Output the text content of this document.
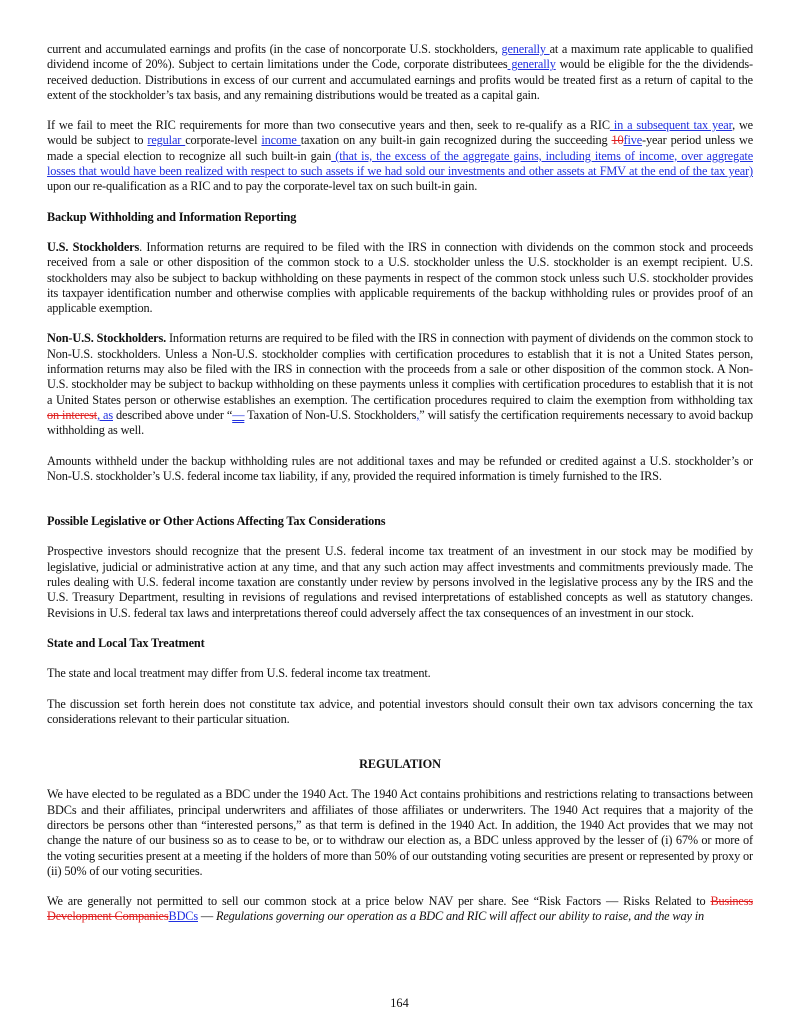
current and accumulated earnings and profits (in the case of noncorporate U.S. stockholders, generally at a maximum rate applicable to qualified dividend income of 20%). Subject to certain limitations under the Code, corporate distributees generally would be eligible for the the dividends-received deduction. Distributions in excess of our current and accumulated earnings and profits would be treated first as a return of capital to the extent of the stockholder’s tax basis, and any remaining distributions would be treated as a capital gain.

If we fail to meet the RIC requirements for more than two consecutive years and then, seek to re-qualify as a RIC in a subsequent tax year, we would be subject to regular corporate-level income taxation on any built-in gain recognized during the succeeding 10five-year period unless we made a special election to recognize all such built-in gain (that is, the excess of the aggregate gains, including items of income, over aggregate losses that would have been realized with respect to such assets if we had sold our investments and other assets at FMV at the end of the tax year) upon our re-qualification as a RIC and to pay the corporate-level tax on such built-in gain.

Backup Withholding and Information Reporting

U.S. Stockholders. Information returns are required to be filed with the IRS in connection with dividends on the common stock and proceeds received from a sale or other disposition of the common stock to a U.S. stockholder unless the U.S. stockholder is an exempt recipient. U.S. stockholders may also be subject to backup withholding on these payments in respect of the common stock unless such U.S. stockholder provides its taxpayer identification number and otherwise complies with applicable requirements of the backup withholding rules or provides proof of an applicable exemption.

Non-U.S. Stockholders. Information returns are required to be filed with the IRS in connection with payment of dividends on the common stock to Non-U.S. stockholders. Unless a Non-U.S. stockholder complies with certification procedures to establish that it is not a United States person, information returns may also be filed with the IRS in connection with the proceeds from a sale or other disposition of the common stock. A Non-U.S. stockholder may be subject to backup withholding on these payments unless it complies with certification procedures to establish that it is not a United States person or otherwise establishes an exemption. The certification procedures required to claim the exemption from withholding tax on interest, as described above under “— Taxation of Non-U.S. Stockholders,” will satisfy the certification requirements necessary to avoid backup withholding as well.

Amounts withheld under the backup withholding rules are not additional taxes and may be refunded or credited against a U.S. stockholder’s or Non-U.S. stockholder’s U.S. federal income tax liability, if any, provided the required information is timely furnished to the IRS.

Possible Legislative or Other Actions Affecting Tax Considerations

Prospective investors should recognize that the present U.S. federal income tax treatment of an investment in our stock may be modified by legislative, judicial or administrative action at any time, and that any such action may affect investments and commitments previously made. The rules dealing with U.S. federal income taxation are constantly under review by persons involved in the legislative process any by the IRS and the U.S. Treasury Department, resulting in revisions of regulations and revised interpretations of established concepts as well as statutory changes. Revisions in U.S. federal tax laws and interpretations thereof could adversely affect the tax consequences of an investment in our stock.

State and Local Tax Treatment

The state and local treatment may differ from U.S. federal income tax treatment.

The discussion set forth herein does not constitute tax advice, and potential investors should consult their own tax advisors concerning the tax considerations relevant to their particular situation.

REGULATION

We have elected to be regulated as a BDC under the 1940 Act. The 1940 Act contains prohibitions and restrictions relating to transactions between BDCs and their affiliates, principal underwriters and affiliates of those affiliates or underwriters. The 1940 Act requires that a majority of the directors be persons other than “interested persons,” as that term is defined in the 1940 Act. In addition, the 1940 Act provides that we may not change the nature of our business so as to cease to be, or to withdraw our election as, a BDC unless approved by the lesser of (i) 67% or more of the voting securities present at a meeting if the holders of more than 50% of our outstanding voting securities are present or represented by proxy or (ii) 50% of our voting securities.

We are generally not permitted to sell our common stock at a price below NAV per share. See “Risk Factors — Risks Related to Business Development CompaniesBDCs — Regulations governing our operation as a BDC and RIC will affect our ability to raise, and the way in

164
